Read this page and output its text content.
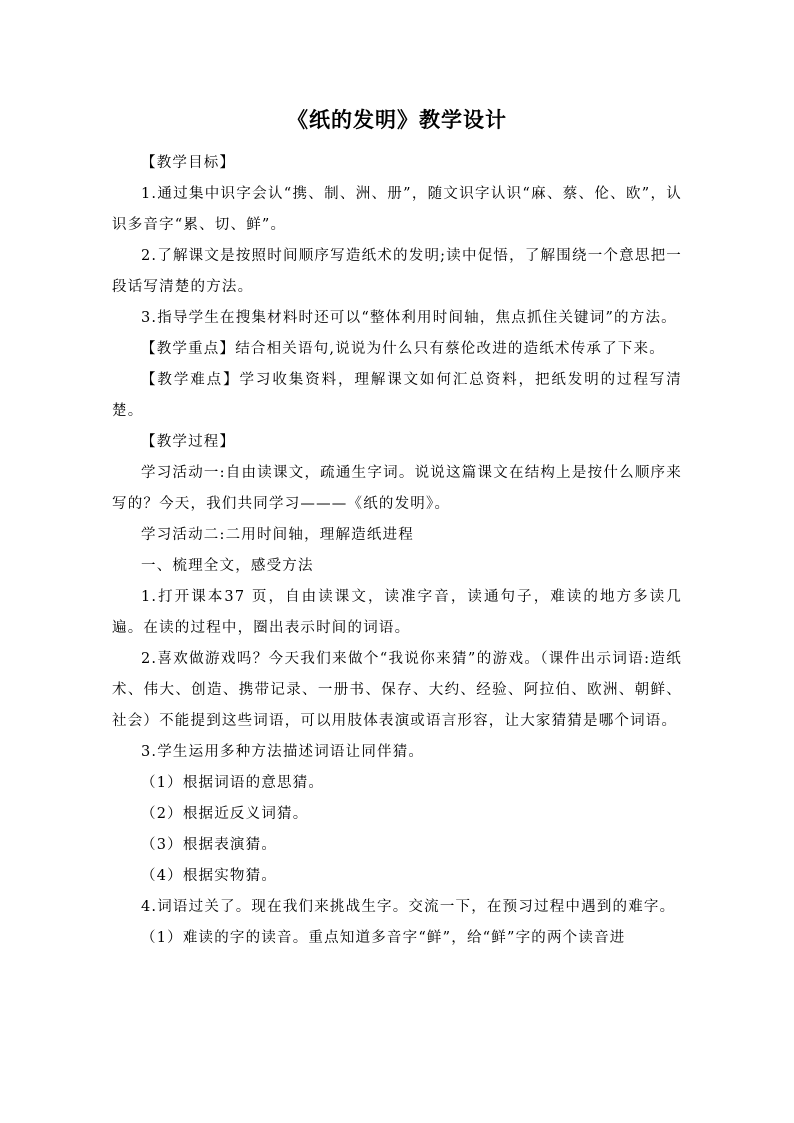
《纸的发明》教学设计

【教学目标】

1.通过集中识字会认“携、制、洲、册”，随文识字认识“麻、蔡、伦、欧”，认识多音字“累、切、鲜”。

2.了解课文是按照时间顺序写造纸术的发明;读中促悟，了解围绕一个意思把一段话写清楚的方法。

3.指导学生在搜集材料时还可以“整体利用时间轴，焦点抓住关键词”的方法。

【教学重点】结合相关语句,说说为什么只有蔡伦改进的造纸术传承了下来。

【教学难点】学习收集资料，理解课文如何汇总资料，把纸发明的过程写清楚。

【教学过程】

学习活动一:自由读课文，疏通生字词。说说这篇课文在结构上是按什么顺序来写的？今天，我们共同学习———《纸的发明》。

学习活动二:二用时间轴，理解造纸进程

一、梳理全文，感受方法

1.打开课本37 页，自由读课文，读准字音，读通句子，难读的地方多读几遍。在读的过程中，圈出表示时间的词语。

2.喜欢做游戏吗？今天我们来做个“我说你来猜”的游戏。（课件出示词语:造纸术、伟大、创造、携带记录、一册书、保存、大约、经验、阿拉伯、欧洲、朝鲜、社会）不能提到这些词语，可以用肢体表演或语言形容，让大家猜猜是哪个词语。

3.学生运用多种方法描述词语让同伴猜。

（1）根据词语的意思猜。

（2）根据近反义词猜。

（3）根据表演猜。

（4）根据实物猜。

4.词语过关了。现在我们来挑战生字。交流一下，在预习过程中遇到的难字。

（1）难读的字的读音。重点知道多音字“鲜”，给“鲜”字的两个读音进
